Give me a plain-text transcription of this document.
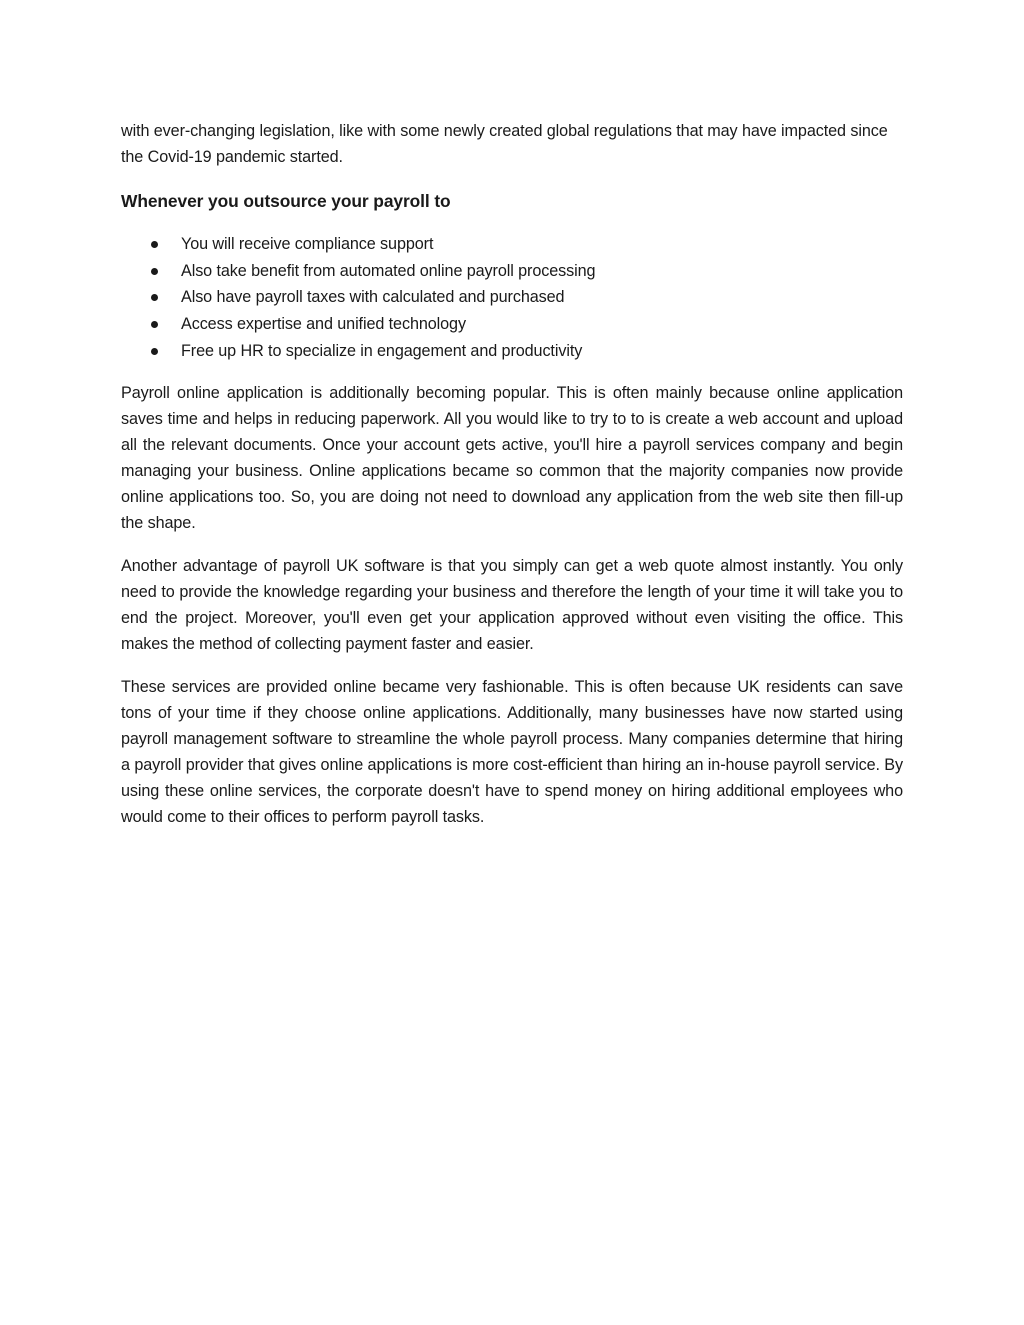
with ever-changing legislation, like with some newly created global regulations that may have impacted since the Covid-19 pandemic started.

Whenever you outsource your payroll to
You will receive compliance support
Also take benefit from automated online payroll processing
Also have payroll taxes with calculated and purchased
Access expertise and unified technology
Free up HR to specialize in engagement and productivity

Payroll online application is additionally becoming popular. This is often mainly because online application saves time and helps in reducing paperwork. All you would like to try to to is create a web account and upload all the relevant documents. Once your account gets active, you'll hire a payroll services company and begin managing your business. Online applications became so common that the majority companies now provide online applications too. So, you are doing not need to download any application from the web site then fill-up the shape.

Another advantage of payroll UK software is that you simply can get a web quote almost instantly. You only need to provide the knowledge regarding your business and therefore the length of your time it will take you to end the project. Moreover, you'll even get your application approved without even visiting the office. This makes the method of collecting payment faster and easier.

These services are provided online became very fashionable. This is often because UK residents can save tons of your time if they choose online applications. Additionally, many businesses have now started using payroll management software to streamline the whole payroll process. Many companies determine that hiring a payroll provider that gives online applications is more cost-efficient than hiring an in-house payroll service. By using these online services, the corporate doesn't have to spend money on hiring additional employees who would come to their offices to perform payroll tasks.
